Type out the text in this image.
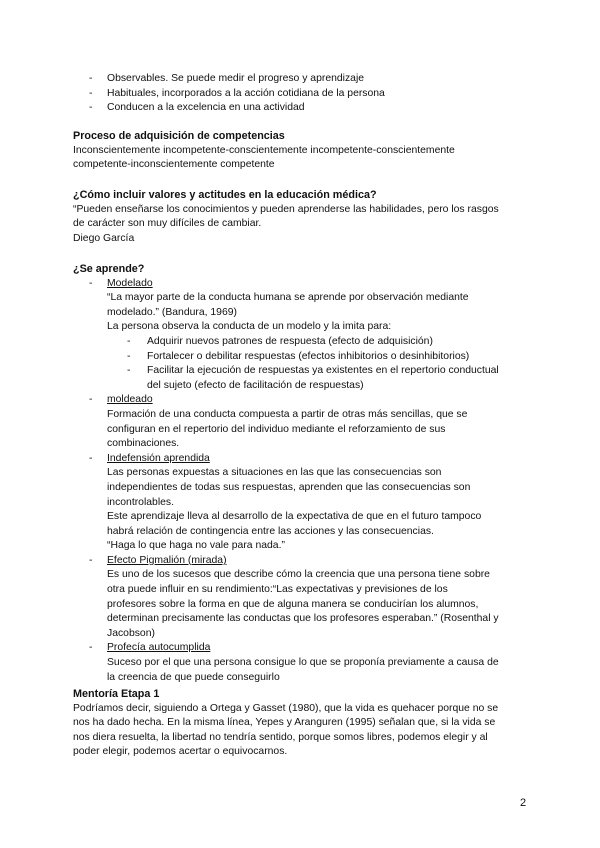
- Observables. Se puede medir el progreso y aprendizaje
- Habituales, incorporados a la acción cotidiana de la persona
- Conducen a la excelencia en una actividad
Proceso de adquisición de competencias
Inconscientemente incompetente-conscientemente incompetente-conscientemente
competente-inconscientemente competente
¿Cómo incluir valores y actitudes en la educación médica?
“Pueden enseñarse los conocimientos y pueden aprenderse las habilidades, pero los rasgos
de carácter son muy difíciles de cambiar.
Diego García
¿Se aprende?
- Modelado
“La mayor parte de la conducta humana se aprende por observación mediante
modelado.” (Bandura, 1969)
La persona observa la conducta de un modelo y la imita para:
- Adquirir nuevos patrones de respuesta (efecto de adquisición)
- Fortalecer o debilitar respuestas (efectos inhibitorios o desinhibitorios)
- Facilitar la ejecución de respuestas ya existentes en el repertorio conductual
del sujeto (efecto de facilitación de respuestas)
- moldeado
Formación de una conducta compuesta a partir de otras más sencillas, que se
configuran en el repertorio del individuo mediante el reforzamiento de sus
combinaciones.
- Indefensión aprendida
Las personas expuestas a situaciones en las que las consecuencias son
independientes de todas sus respuestas, aprenden que las consecuencias son
incontrolables.
Este aprendizaje lleva al desarrollo de la expectativa de que en el futuro tampoco
habrá relación de contingencia entre las acciones y las consecuencias.
“Haga lo que haga no vale para nada.”
- Efecto Pigmalión (mirada)
Es uno de los sucesos que describe cómo la creencia que una persona tiene sobre
otra puede influir en su rendimiento:“Las expectativas y previsiones de los
profesores sobre la forma en que de alguna manera se conducirían los alumnos,
determinan precisamente las conductas que los profesores esperaban.” (Rosenthal y
Jacobson)
- Profecía autocumplida
Suceso por el que una persona consigue lo que se proponía previamente a causa de
la creencia de que puede conseguirlo
Mentoría Etapa 1
Podríamos decir, siguiendo a Ortega y Gasset (1980), que la vida es quehacer porque no se
nos ha dado hecha. En la misma línea, Yepes y Aranguren (1995) señalan que, si la vida se
nos diera resuelta, la libertad no tendría sentido, porque somos libres, podemos elegir y al
poder elegir, podemos acertar o equivocarnos.
2
